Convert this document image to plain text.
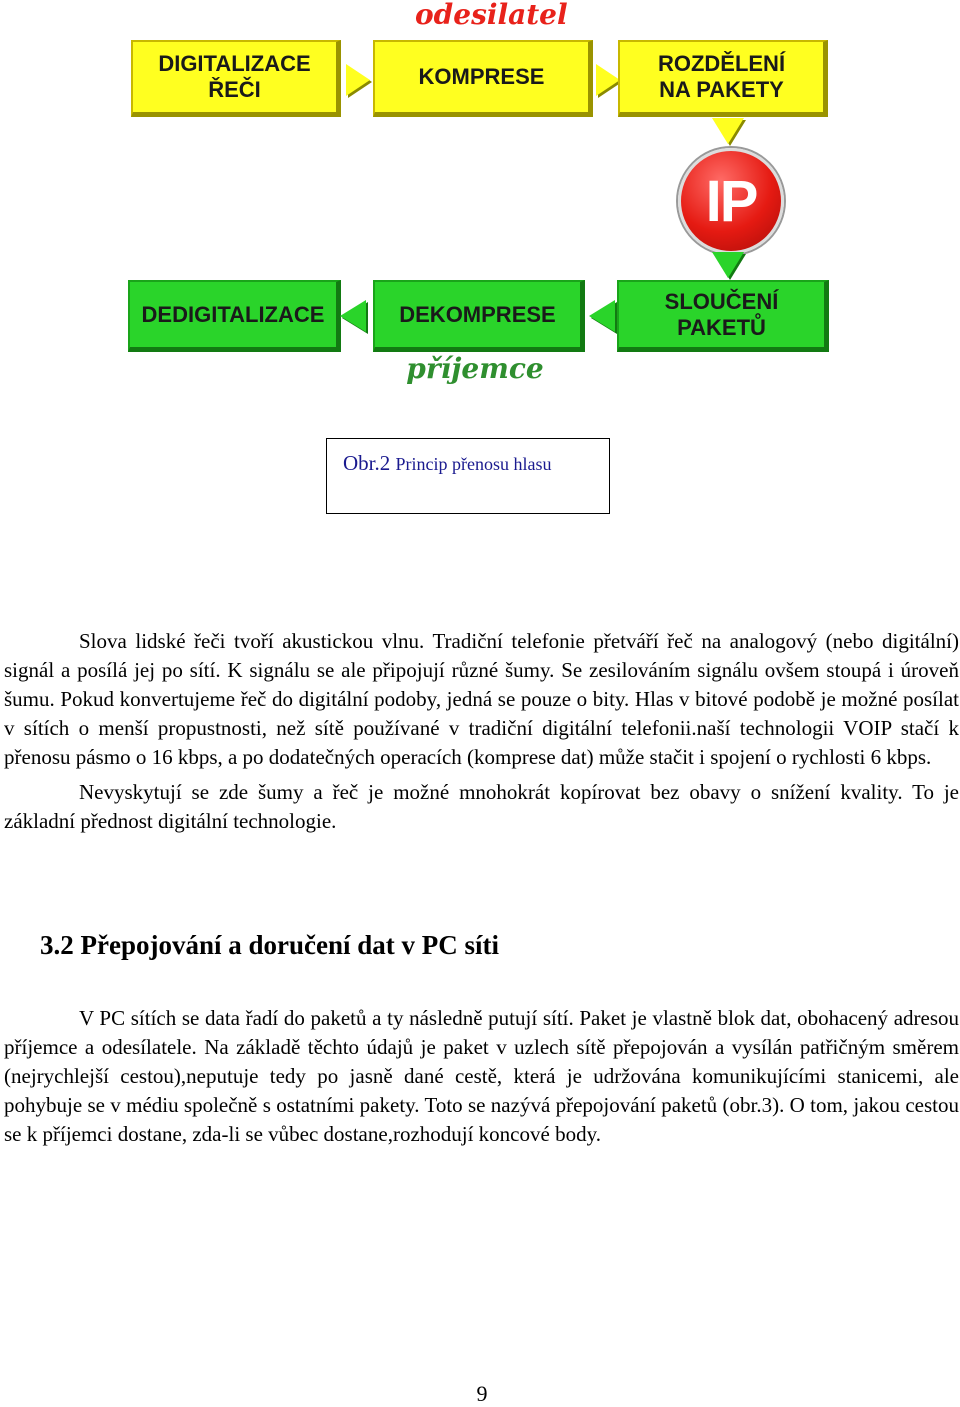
odesilatel
DIGITALIZACE
ŘEČI
KOMPRESE
ROZDĚLENÍ
NA PAKETY
IP
DEDIGITALIZACE	DEKOMPRESE
SLOUČENÍ
PAKETŮ
příjemce
Obr.2 Princip přenosu hlasu

Slova lidské řeči tvoří akustickou vlnu. Tradiční telefonie přetváří řeč na analogový (nebo digitální) signál a posílá jej po sítí. K signálu se ale připojují různé šumy. Se zesilováním signálu ovšem stoupá i úroveň šumu. Pokud konvertujeme řeč do digitální podoby, jedná se pouze o bity. Hlas v bitové podobě je možné posílat v sítích o menší propustnosti, než sítě používané v tradiční digitální telefonii.naší technologii VOIP stačí k přenosu pásmo o 16 kbps, a po dodatečných operacích (komprese dat) může stačit i spojení o rychlosti 6 kbps.

Nevyskytují se zde šumy a řeč je možné mnohokrát kopírovat bez obavy o snížení kvality. To je základní přednost digitální technologie.

3.2 Přepojování a doručení dat v PC síti

V PC sítích se data řadí do paketů a ty následně putují sítí. Paket je vlastně blok dat, obohacený adresou příjemce a odesílatele. Na základě těchto údajů je paket v uzlech sítě přepojován a vysílán patřičným směrem (nejrychlejší cestou),neputuje tedy po jasně dané cestě, která je udržována komunikujícími stanicemi, ale pohybuje se v médiu společně s ostatními pakety. Toto se nazývá přepojování paketů (obr.3). O tom, jakou cestou se k příjemci dostane, zda-li se vůbec dostane,rozhodují koncové body.

9
